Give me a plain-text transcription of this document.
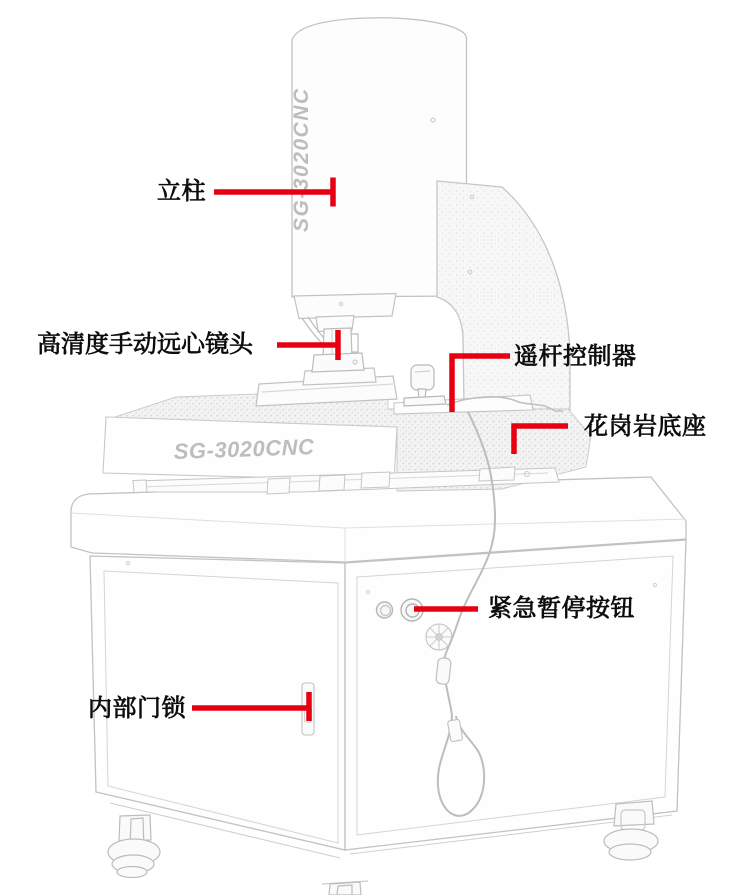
SG-3020CNC
SG-3020CNC
立柱
高清度手动远心镜头	遥杆控制器
花岗岩底座
紧急暂停按钮
内部门锁
